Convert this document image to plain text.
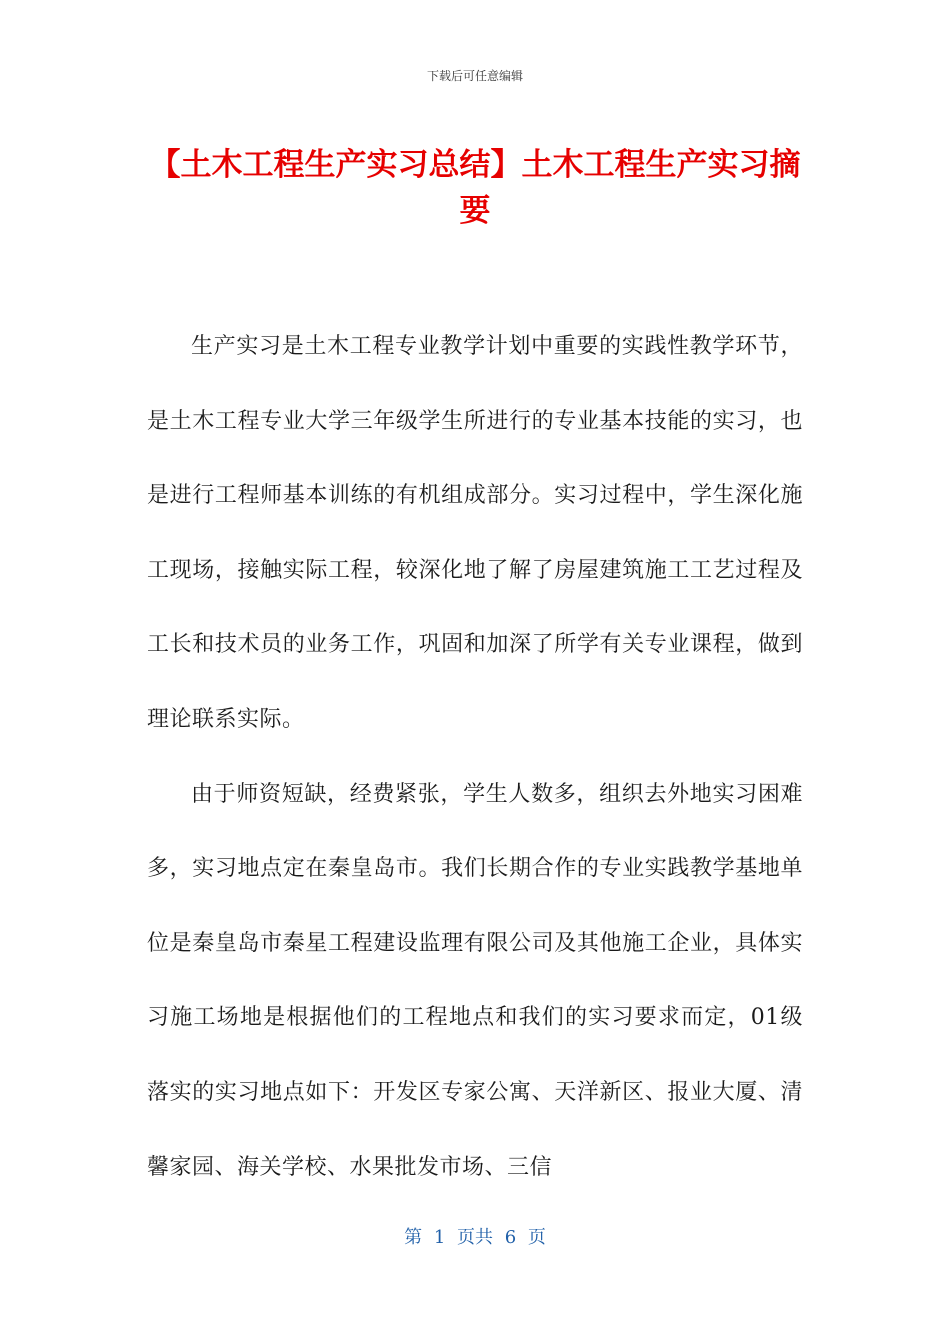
下载后可任意编辑
【土木工程生产实习总结】土木工程生产实习摘要

生产实习是土木工程专业教学计划中重要的实践性教学环节，是土木工程专业大学三年级学生所进行的专业基本技能的实习，也是进行工程师基本训练的有机组成部分。实习过程中，学生深化施工现场，接触实际工程，较深化地了解了房屋建筑施工工艺过程及工长和技术员的业务工作，巩固和加深了所学有关专业课程，做到理论联系实际。

由于师资短缺，经费紧张，学生人数多，组织去外地实习困难多，实习地点定在秦皇岛市。我们长期合作的专业实践教学基地单位是秦皇岛市秦星工程建设监理有限公司及其他施工企业，具体实习施工场地是根据他们的工程地点和我们的实习要求而定，01级落实的实习地点如下：开发区专家公寓、天洋新区、报业大厦、清馨家园、海关学校、水果批发市场、三信

第 1 页共 6 页
